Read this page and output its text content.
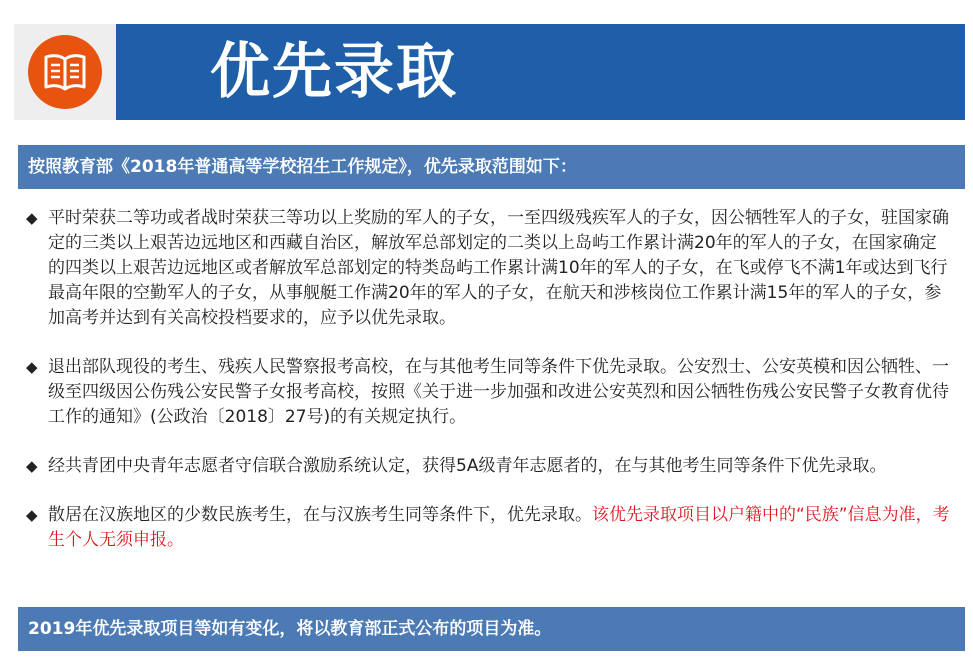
优先录取
按照教育部《2018年普通高等学校招生工作规定》，优先录取范围如下：

◆ 平时荣获二等功或者战时荣获三等功以上奖励的军人的子女，一至四级残疾军人的子女，因公牺牲军人的子女，驻国家确定的三类以上艰苦边远地区和西藏自治区，解放军总部划定的二类以上岛屿工作累计满20年的军人的子女，在国家确定的四类以上艰苦边远地区或者解放军总部划定的特类岛屿工作累计满10年的军人的子女，在飞或停飞不满1年或达到飞行最高年限的空勤军人的子女，从事舰艇工作满20年的军人的子女，在航天和涉核岗位工作累计满15年的军人的子女，参加高考并达到有关高校投档要求的，应予以优先录取。

◆ 退出部队现役的考生、残疾人民警察报考高校，在与其他考生同等条件下优先录取。公安烈士、公安英模和因公牺牲、一级至四级因公伤残公安民警子女报考高校，按照《关于进一步加强和改进公安英烈和因公牺牲伤残公安民警子女教育优待工作的通知》(公政治〔2018〕27号)的有关规定执行。

◆ 经共青团中央青年志愿者守信联合激励系统认定，获得5A级青年志愿者的，在与其他考生同等条件下优先录取。

◆ 散居在汉族地区的少数民族考生，在与汉族考生同等条件下，优先录取。该优先录取项目以户籍中的“民族”信息为准，考生个人无须申报。

2019年优先录取项目等如有变化，将以教育部正式公布的项目为准。
